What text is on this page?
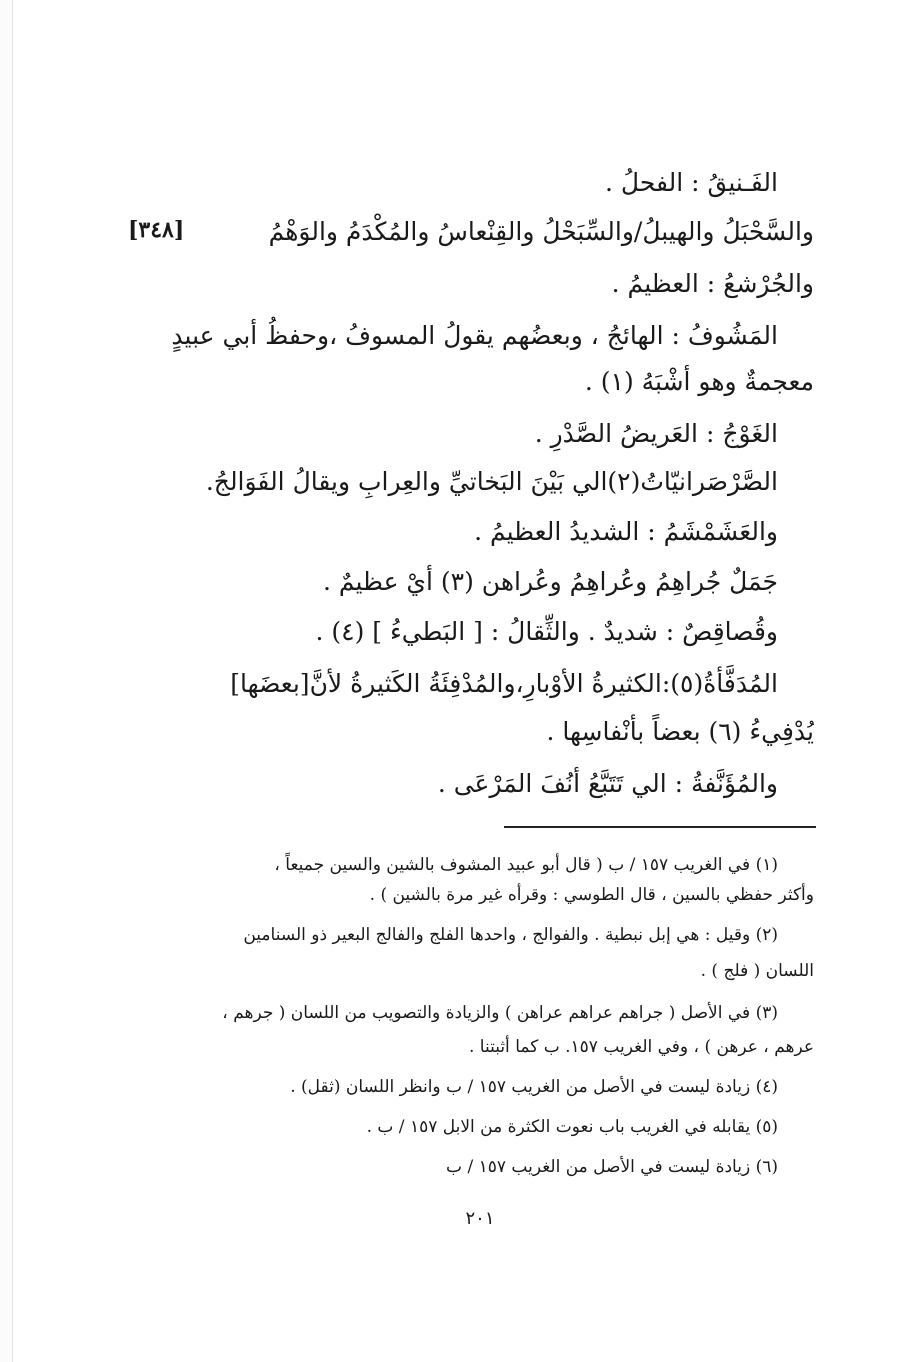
[٣٤٨]
الفَـنيقُ : الفحلُ .
والسَّحْبَلُ والهيبلُ/والسِّبَحْلُ والقِنْعاسُ والمُكْدَمُ والوَهْمُ
والجُرْشعُ : العظيمُ .
المَشُوفُ : الهائجُ ، وبعضُهم يقولُ المسوفُ ،وحفظُ أبي عبيدٍ
معجمةٌ وهو أشْبَهُ (١) .
الغَوْجُ : العَريضُ الصَّدْرِ .
الصَّرْصَرانيّاتُ(٢)الي بَيْنَ البَخاتيِّ والعِرابِ ويقالُ الفَوَالجُ.
والعَشَمْشَمُ : الشديدُ العظيمُ .
جَمَلٌ جُراهِمُ وعُراهِمُ وعُراهن (٣) أيْ عظيمٌ .
وقُصاقِصٌ : شديدٌ . والثِّقالُ : [ البَطيءُ ] (٤) .
المُدَفَّأةُ(٥):الكثيرةُ الأوْبارِ،والمُدْفِئَةُ الكَثيرةُ لأنَّ[بعضَها]
يُدْفِيءُ (٦) بعضاً بأنْفاسِها .
والمُؤَنَّفةُ : الي تَتَبَّعُ أنُفَ المَرْعَى .
(١) في الغريب ١٥٧ / ب ( قال أبو عبيد المشوف بالشين والسين جميعاً ،
وأكثر حفظي بالسين ، قال الطوسي : وقرأه غير مرة بالشين ) .
(٢) وقيل : هي إبل نبطية . والفوالج ، واحدها الفلج والفالج البعير ذو السنامين
اللسان ( فلج ) .
(٣) في الأصل ( جراهم عراهم عراهن ) والزيادة والتصويب من اللسان ( جرهم ،
عرهم ، عرهن ) ، وفي الغريب ١٥٧. ب كما أثبتنا .
(٤) زيادة ليست في الأصل من الغريب ١٥٧ / ب وانظر اللسان (ثقل) .
(٥) يقابله في الغريب باب نعوت الكثرة من الابل ١٥٧ / ب .
(٦) زيادة ليست في الأصل من الغريب ١٥٧ / ب
٢٠١
